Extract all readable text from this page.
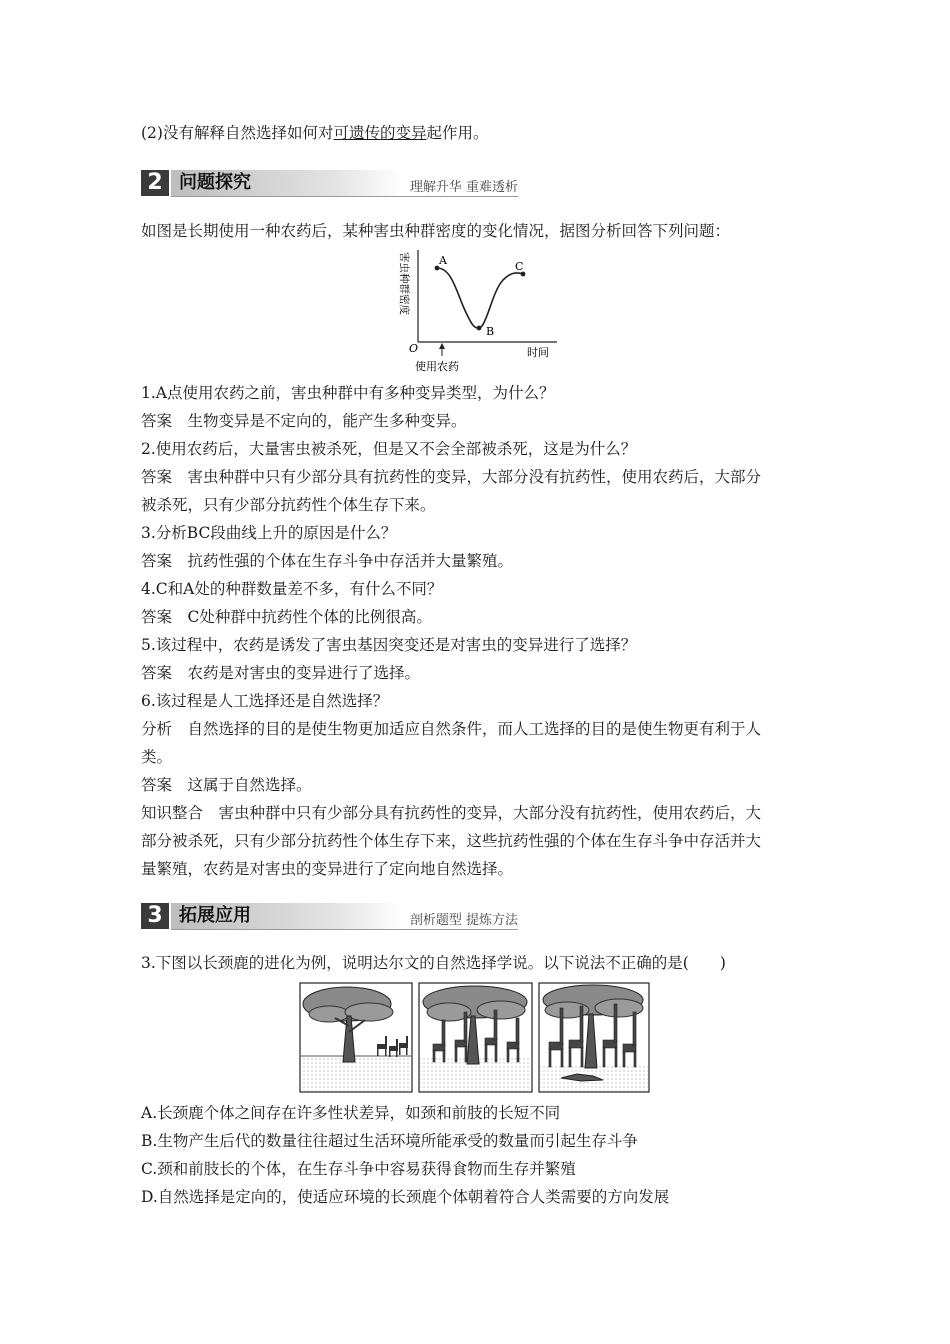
(2)没有解释自然选择如何对可遗传的变异起作用。
2 问题探究	理解升华 重难透析
如图是长期使用一种农药后，某种害虫种群密度的变化情况，据图分析回答下列问题：
A
B
C
O	时间
害虫种群密度
使用农药
1.A点使用农药之前，害虫种群中有多种变异类型，为什么？
答案　生物变异是不定向的，能产生多种变异。
2.使用农药后，大量害虫被杀死，但是又不会全部被杀死，这是为什么？
答案　害虫种群中只有少部分具有抗药性的变异，大部分没有抗药性，使用农药后，大部分
被杀死，只有少部分抗药性个体生存下来。
3.分析BC段曲线上升的原因是什么？
答案　抗药性强的个体在生存斗争中存活并大量繁殖。
4.C和A处的种群数量差不多，有什么不同？
答案　C处种群中抗药性个体的比例很高。
5.该过程中，农药是诱发了害虫基因突变还是对害虫的变异进行了选择？
答案　农药是对害虫的变异进行了选择。
6.该过程是人工选择还是自然选择？
分析　自然选择的目的是使生物更加适应自然条件，而人工选择的目的是使生物更有利于人
类。
答案　这属于自然选择。
知识整合　害虫种群中只有少部分具有抗药性的变异，大部分没有抗药性，使用农药后，大
部分被杀死，只有少部分抗药性个体生存下来，这些抗药性强的个体在生存斗争中存活并大
量繁殖，农药是对害虫的变异进行了定向地自然选择。
3 拓展应用	剖析题型 提炼方法
3.下图以长颈鹿的进化为例，说明达尔文的自然选择学说。以下说法不正确的是(　　)
A.长颈鹿个体之间存在许多性状差异，如颈和前肢的长短不同
B.生物产生后代的数量往往超过生活环境所能承受的数量而引起生存斗争
C.颈和前肢长的个体，在生存斗争中容易获得食物而生存并繁殖
D.自然选择是定向的，使适应环境的长颈鹿个体朝着符合人类需要的方向发展
